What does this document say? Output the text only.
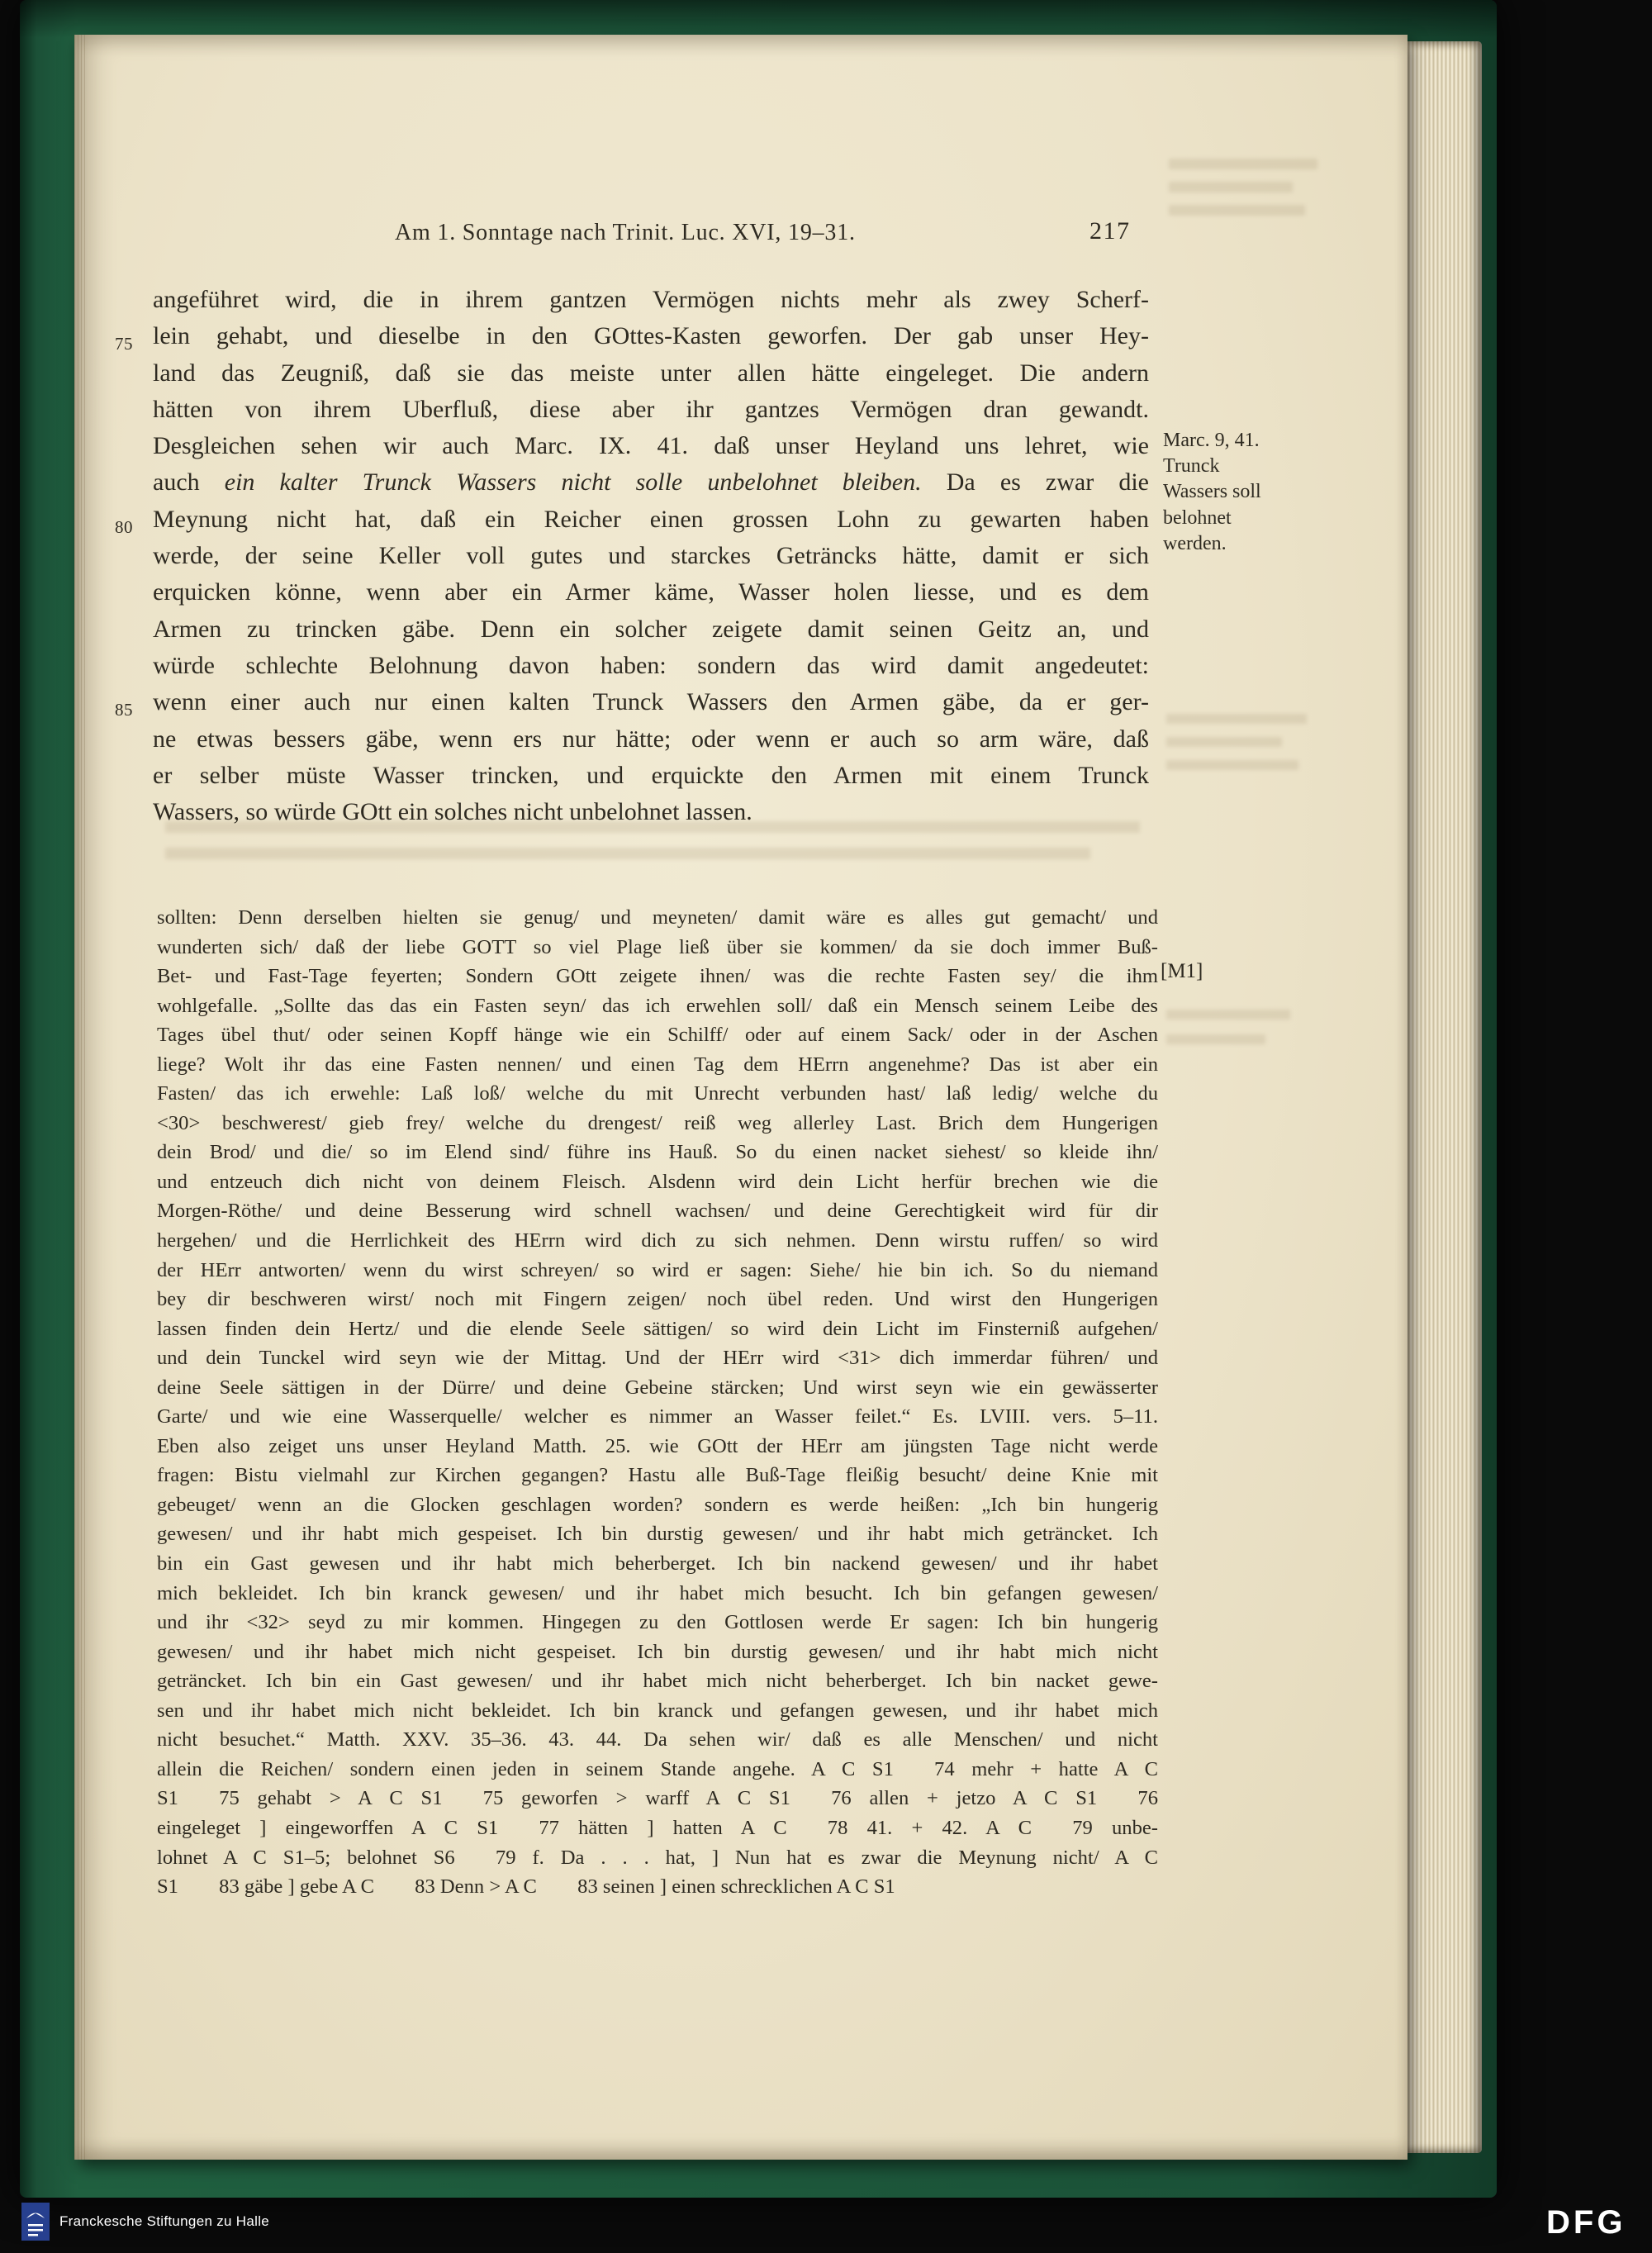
Am 1. Sonntage nach Trinit. Luc. XVI, 19–31.	217
angeführet wird, die in ihrem gantzen Vermögen nichts mehr als zwey Scherf-
75 lein gehabt, und dieselbe in den GOttes-Kasten geworfen. Der gab unser Hey-
land das Zeugniß, daß sie das meiste unter allen hätte eingeleget. Die andern
hätten von ihrem Uberfluß, diese aber ihr gantzes Vermögen dran gewandt.
Desgleichen sehen wir auch Marc. IX. 41. daß unser Heyland uns lehret, wie
auch ein kalter Trunck Wassers nicht solle unbelohnet bleiben. Da es zwar die
80 Meynung nicht hat, daß ein Reicher einen grossen Lohn zu gewarten haben
werde, der seine Keller voll gutes und starckes Geträncks hätte, damit er sich
erquicken könne, wenn aber ein Armer käme, Wasser holen liesse, und es dem
Armen zu trincken gäbe. Denn ein solcher zeigete damit seinen Geitz an, und
würde schlechte Belohnung davon haben: sondern das wird damit angedeutet:
85 wenn einer auch nur einen kalten Trunck Wassers den Armen gäbe, da er ger-
ne etwas bessers gäbe, wenn ers nur hätte; oder wenn er auch so arm wäre, daß
er selber müste Wasser trincken, und erquickte den Armen mit einem Trunck
Wassers, so würde GOtt ein solches nicht unbelohnet lassen.
Marc. 9, 41.
Trunck
Wassers soll
belohnet
werden.
[M1]
sollten: Denn derselben hielten sie genug/ und meyneten/ damit wäre es alles gut gemacht/ und
wunderten sich/ daß der liebe GOTT so viel Plage ließ über sie kommen/ da sie doch immer Buß-
Bet- und Fast-Tage feyerten; Sondern GOtt zeigete ihnen/ was die rechte Fasten sey/ die ihm
wohlgefalle. „Sollte das das ein Fasten seyn/ das ich erwehlen soll/ daß ein Mensch seinem Leibe des
Tages übel thut/ oder seinen Kopff hänge wie ein Schilff/ oder auf einem Sack/ oder in der Aschen
liege? Wolt ihr das eine Fasten nennen/ und einen Tag dem HErrn angenehme? Das ist aber ein
Fasten/ das ich erwehle: Laß loß/ welche du mit Unrecht verbunden hast/ laß ledig/ welche du
<30> beschwerest/ gieb frey/ welche du drengest/ reiß weg allerley Last. Brich dem Hungerigen
dein Brod/ und die/ so im Elend sind/ führe ins Hauß. So du einen nacket siehest/ so kleide ihn/
und entzeuch dich nicht von deinem Fleisch. Alsdenn wird dein Licht herfür brechen wie die
Morgen-Röthe/ und deine Besserung wird schnell wachsen/ und deine Gerechtigkeit wird für dir
hergehen/ und die Herrlichkeit des HErrn wird dich zu sich nehmen. Denn wirstu ruffen/ so wird
der HErr antworten/ wenn du wirst schreyen/ so wird er sagen: Siehe/ hie bin ich. So du niemand
bey dir beschweren wirst/ noch mit Fingern zeigen/ noch übel reden. Und wirst den Hungerigen
lassen finden dein Hertz/ und die elende Seele sättigen/ so wird dein Licht im Finsterniß aufgehen/
und dein Tunckel wird seyn wie der Mittag. Und der HErr wird <31> dich immerdar führen/ und
deine Seele sättigen in der Dürre/ und deine Gebeine stärcken; Und wirst seyn wie ein gewässerter
Garte/ und wie eine Wasserquelle/ welcher es nimmer an Wasser feilet.“ Es. LVIII. vers. 5–11.
Eben also zeiget uns unser Heyland Matth. 25. wie GOtt der HErr am jüngsten Tage nicht werde
fragen: Bistu vielmahl zur Kirchen gegangen? Hastu alle Buß-Tage fleißig besucht/ deine Knie mit
gebeuget/ wenn an die Glocken geschlagen worden? sondern es werde heißen: „Ich bin hungerig
gewesen/ und ihr habt mich gespeiset. Ich bin durstig gewesen/ und ihr habt mich geträncket. Ich
bin ein Gast gewesen und ihr habt mich beherberget. Ich bin nackend gewesen/ und ihr habet
mich bekleidet. Ich bin kranck gewesen/ und ihr habet mich besucht. Ich bin gefangen gewesen/
und ihr <32> seyd zu mir kommen. Hingegen zu den Gottlosen werde Er sagen: Ich bin hungerig
gewesen/ und ihr habet mich nicht gespeiset. Ich bin durstig gewesen/ und ihr habt mich nicht
geträncket. Ich bin ein Gast gewesen/ und ihr habet mich nicht beherberget. Ich bin nacket gewe-
sen und ihr habet mich nicht bekleidet. Ich bin kranck und gefangen gewesen, und ihr habet mich
nicht besuchet.“ Matth. XXV. 35–36. 43. 44. Da sehen wir/ daß es alle Menschen/ und nicht
allein die Reichen/ sondern einen jeden in seinem Stande angehe. A C S1  74 mehr + hatte A C
S1  75 gehabt > A C S1  75 geworfen > warff A C S1  76 allen + jetzo A C S1  76
eingeleget ] eingeworffen A C S1  77 hätten ] hatten A C  78 41. + 42. A C  79 unbe-
lohnet A C S1–5; belohnet S6  79 f. Da . . . hat, ] Nun hat es zwar die Meynung nicht/ A C
S1  83 gäbe ] gebe A C  83 Denn > A C  83 seinen ] einen schrecklichen A C S1
Franckesche Stiftungen zu Halle	DFG
